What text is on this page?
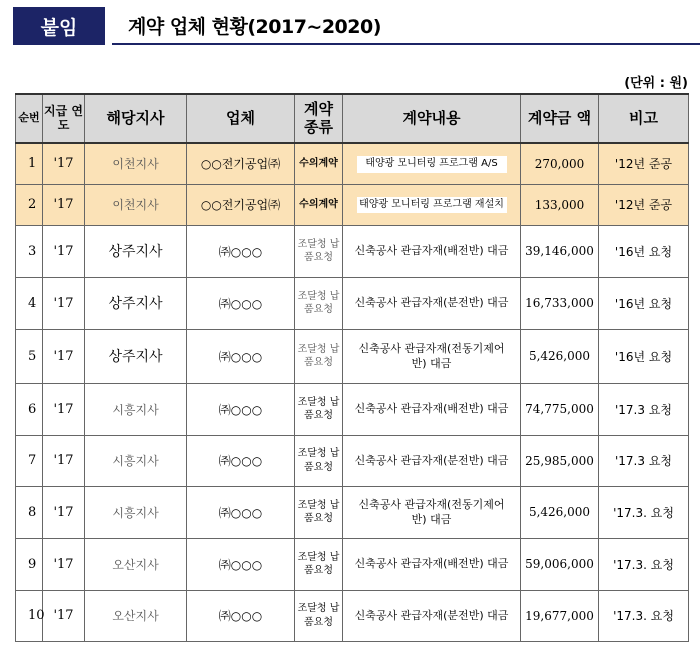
붙임	계약 업체 현황(2017~2020)
(단위 : 원)
순번	지급 연도	해당지사	업체	계약 종류	계약내용	계약금 액	비고
1	'17	이천지사	○○전기공업㈜	수의계약	태양광 모니터링 프로그램 A/S	270,000	'12년 준공
2	'17	이천지사	○○전기공업㈜	수의계약	태양광 모니터링 프로그램 재설치	133,000	'12년 준공
3	'17	상주지사	㈜○○○	조달청 납품요청	신축공사 관급자재(배전반) 대금	39,146,000	'16년 요청
4	'17	상주지사	㈜○○○	조달청 납품요청	신축공사 관급자재(분전반) 대금	16,733,000	'16년 요청
5	'17	상주지사	㈜○○○	조달청 납품요청	신축공사 관급자재(전동기제어반) 대금	5,426,000	'16년 요청
6	'17	시흥지사	㈜○○○	조달청 납품요청	신축공사 관급자재(배전반) 대금	74,775,000	'17.3 요청
7	'17	시흥지사	㈜○○○	조달청 납품요청	신축공사 관급자재(분전반) 대금	25,985,000	'17.3 요청
8	'17	시흥지사	㈜○○○	조달청 납품요청	신축공사 관급자재(전동기제어반) 대금	5,426,000	'17.3. 요청
9	'17	오산지사	㈜○○○	조달청 납품요청	신축공사 관급자재(배전반) 대금	59,006,000	'17.3. 요청
10	'17	오산지사	㈜○○○	조달청 납품요청	신축공사 관급자재(분전반) 대금	19,677,000	'17.3. 요청
